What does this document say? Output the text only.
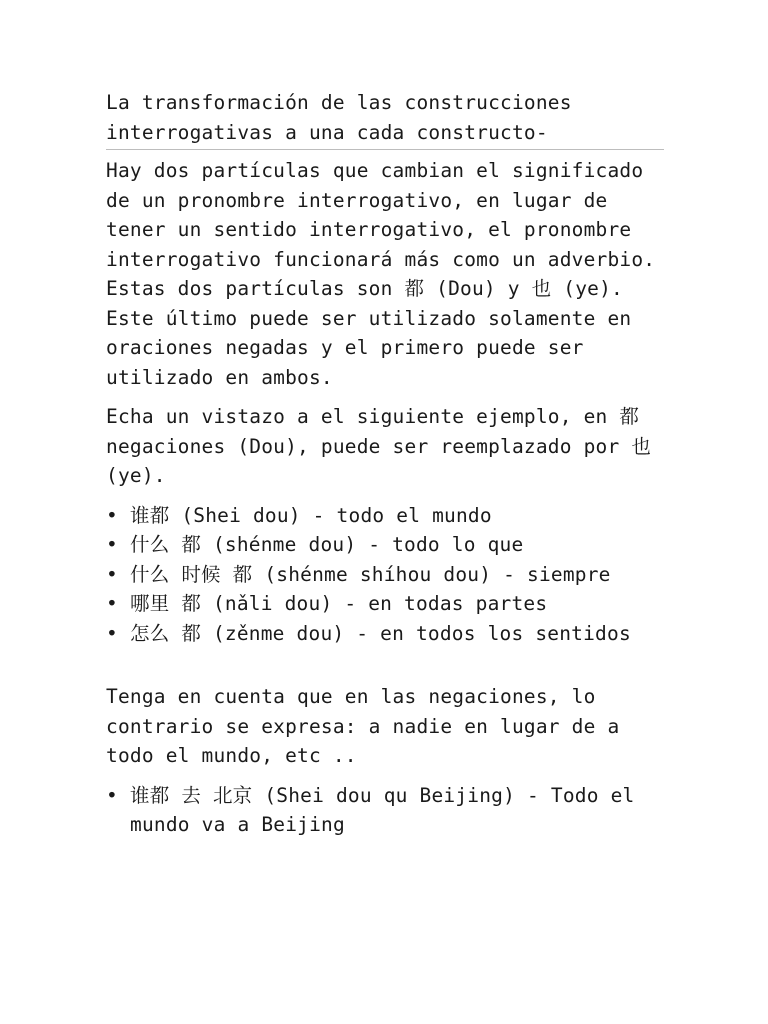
La transformación de las construcciones
interrogativas a una cada constructo-

Hay dos partículas que cambian el significado de un pronombre interrogativo, en lugar de tener un sentido interrogativo, el pronombre interrogativo funcionará más como un adverbio. Estas dos partículas son 都 (Dou) y 也 (ye). Este último puede ser utilizado solamente en oraciones negadas y el primero puede ser utilizado en ambos.

Echa un vistazo a el siguiente ejemplo, en 都 negaciones (Dou), puede ser reemplazado por 也 (ye).

• 谁都 (Shei dou) - todo el mundo
• 什么 都 (shénme dou) - todo lo que
• 什么 时候 都 (shénme shíhou dou) - siempre
• 哪里 都 (nǎli dou) - en todas partes
• 怎么 都 (zěnme dou) - en todos los sentidos

Tenga en cuenta que en las negaciones, lo contrario se expresa: a nadie en lugar de a todo el mundo, etc ..

• 谁都 去 北京 (Shei dou qu Beijing) - Todo el mundo va a Beijing
